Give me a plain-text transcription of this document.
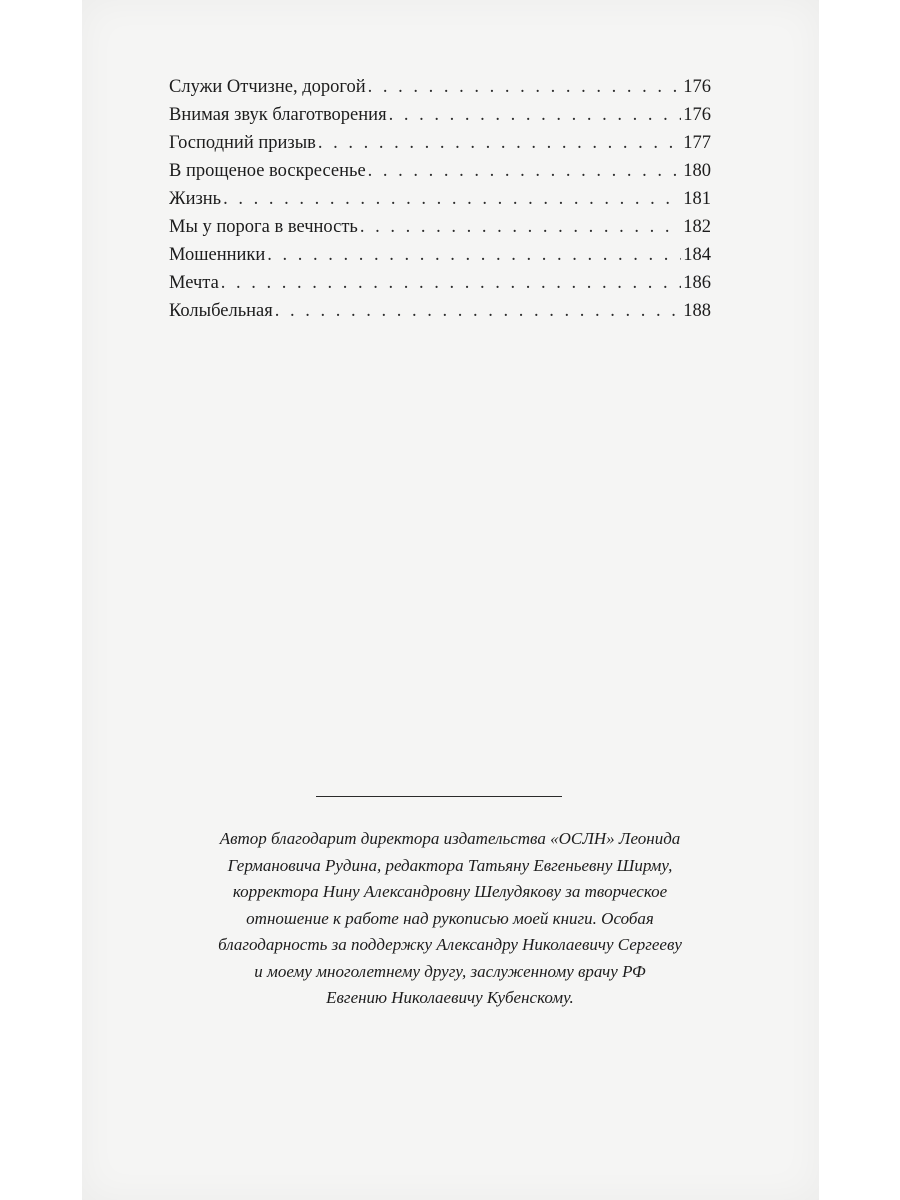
Служи Отчизне, дорогой . . .	176
Внимая звук благотворения . . .	176
Господний призыв . . .	177
В прощеное воскресенье . . .	180
Жизнь . . .	181
Мы у порога в вечность . . .	182
Мошенники . . .	184
Мечта . . .	186
Колыбельная . . .	188
Автор благодарит директора издательства «ОСЛН» Леонида
Германовича Рудина, редактора Татьяну Евгеньевну Ширму,
корректора Нину Александровну Шелудякову за творческое
отношение к работе над рукописью моей книги. Особая
благодарность за поддержку Александру Николаевичу Сергееву
и моему многолетнему другу, заслуженному врачу РФ
Евгению Николаевичу Кубенскому.
